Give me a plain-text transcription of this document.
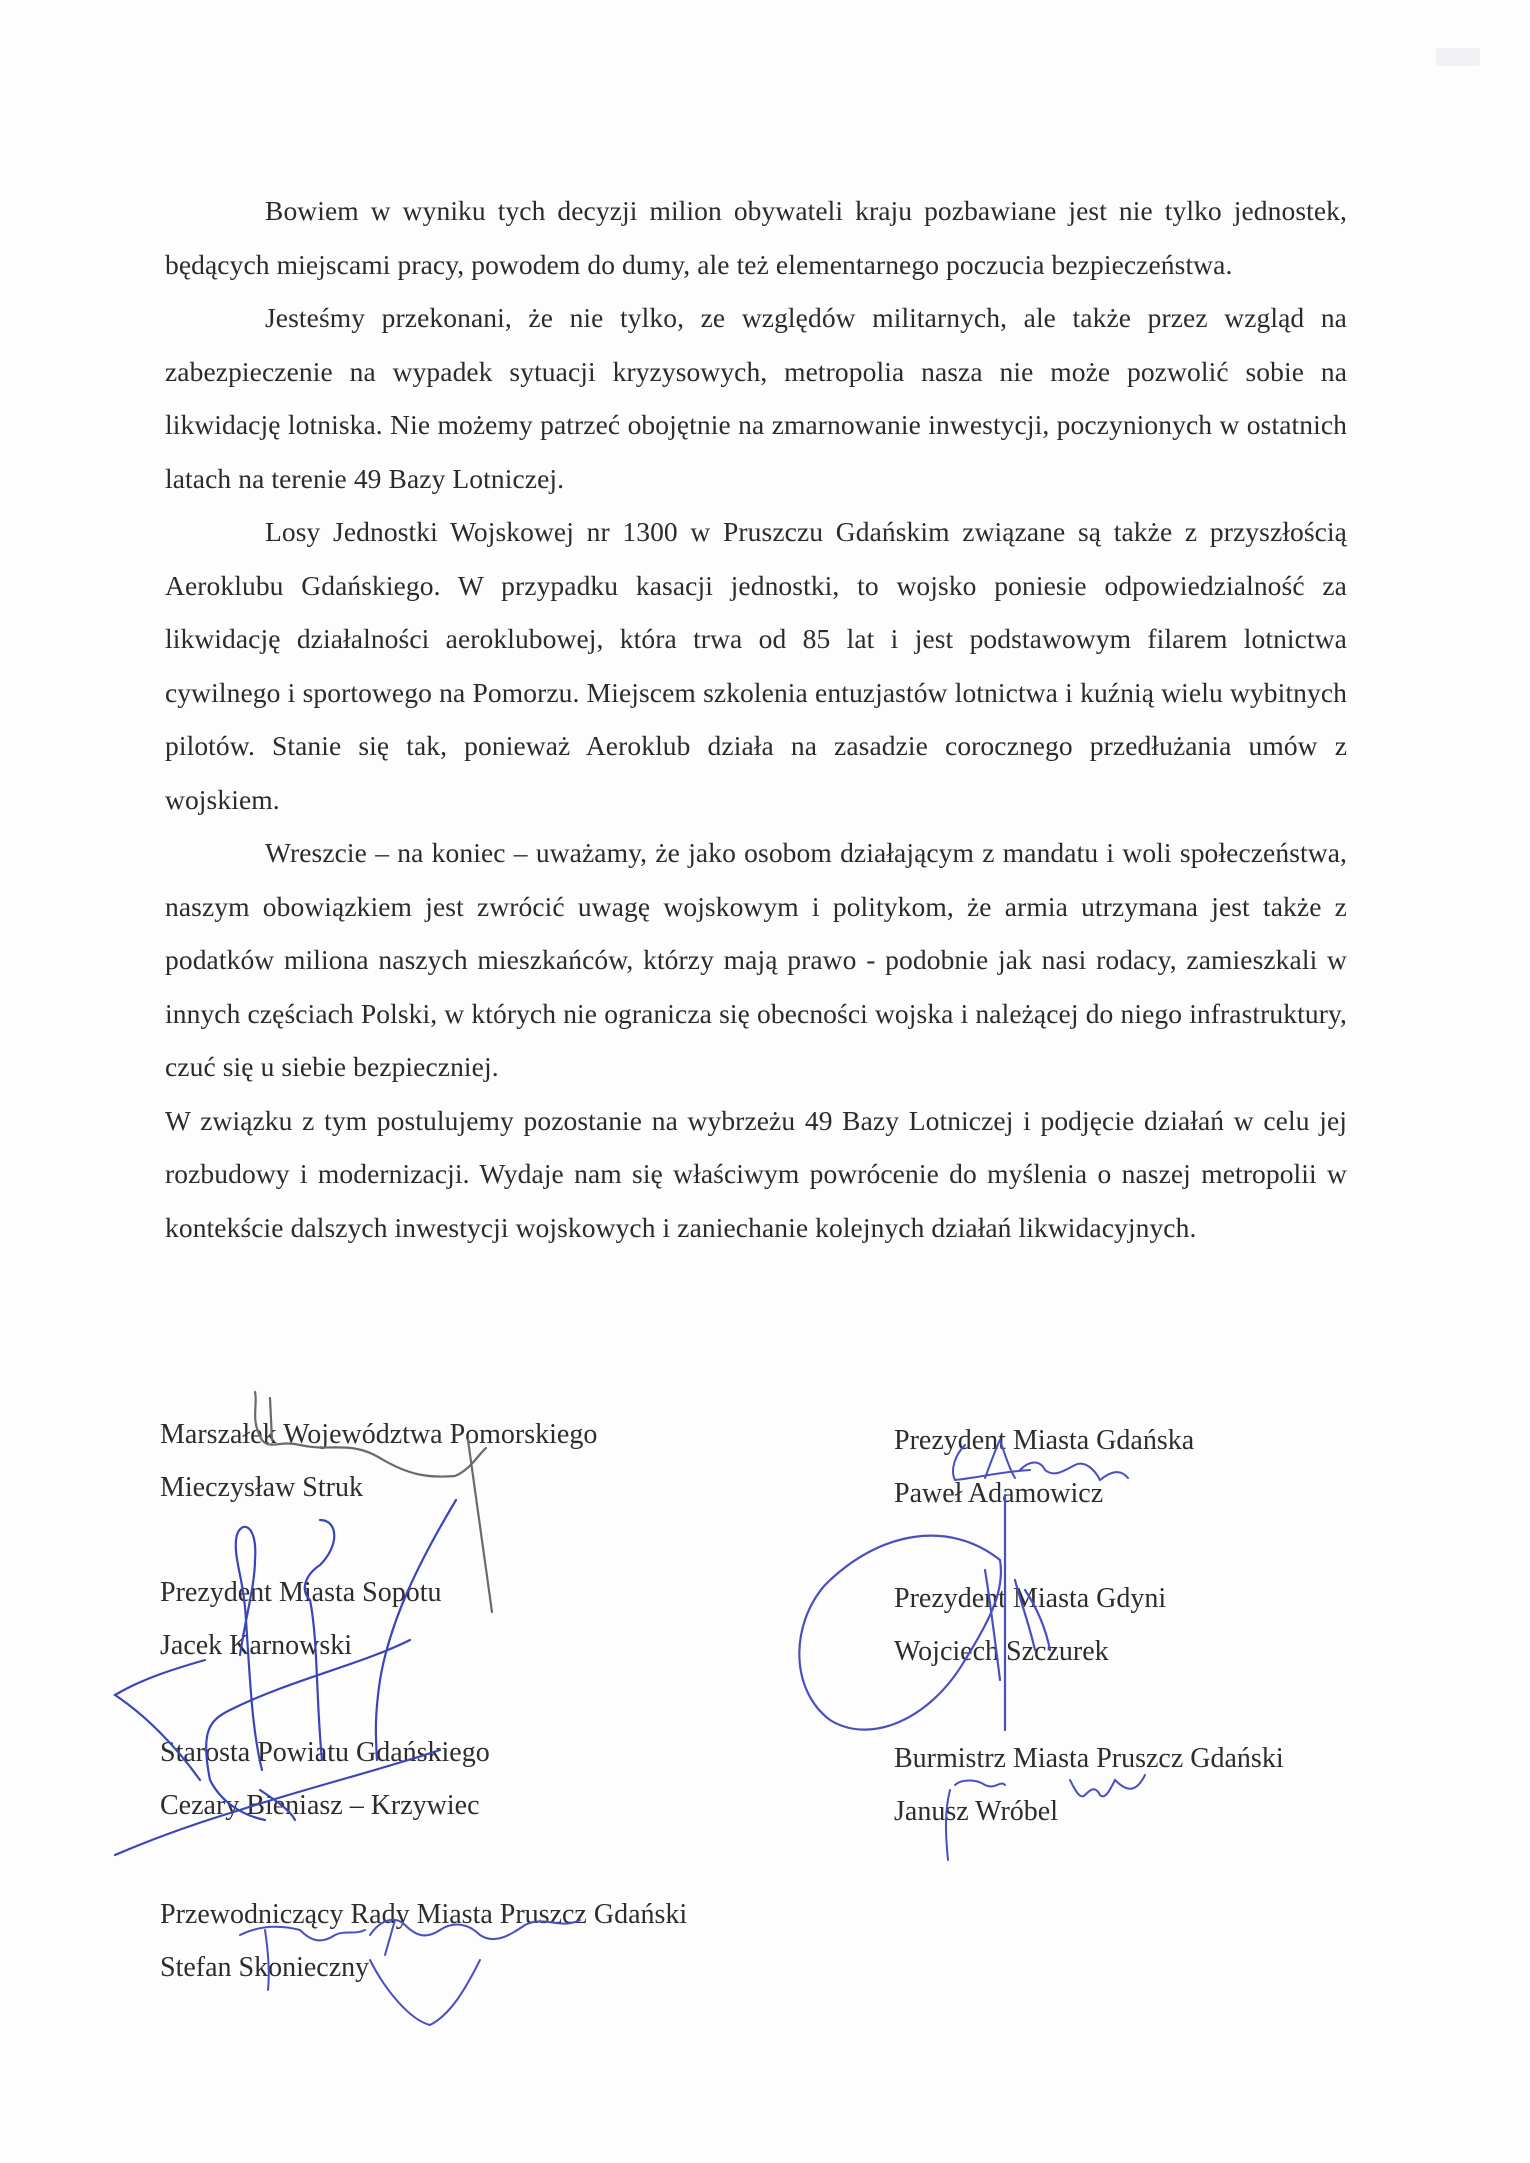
Bowiem w wyniku tych decyzji milion obywateli kraju pozbawiane jest nie tylko jednostek, będących miejscami pracy, powodem do dumy, ale też elementarnego poczucia bezpieczeństwa.

Jesteśmy przekonani, że nie tylko, ze względów militarnych, ale także przez wzgląd na zabezpieczenie na wypadek sytuacji kryzysowych, metropolia nasza nie może pozwolić sobie na likwidację lotniska. Nie możemy patrzeć obojętnie na zmarnowanie inwestycji, poczynionych w ostatnich latach na terenie 49 Bazy Lotniczej.

Losy Jednostki Wojskowej nr 1300 w Pruszczu Gdańskim związane są także z przyszłością Aeroklubu Gdańskiego. W przypadku kasacji jednostki, to wojsko poniesie odpowiedzialność za likwidację działalności aeroklubowej, która trwa od 85 lat i jest podstawowym filarem lotnictwa cywilnego i sportowego na Pomorzu. Miejscem szkolenia entuzjastów lotnictwa i kuźnią wielu wybitnych pilotów. Stanie się tak, ponieważ Aeroklub działa na zasadzie corocznego przedłużania umów z wojskiem.

Wreszcie – na koniec – uważamy, że jako osobom działającym z mandatu i woli społeczeństwa, naszym obowiązkiem jest zwrócić uwagę wojskowym i politykom, że armia utrzymana jest także z podatków miliona naszych mieszkańców, którzy mają prawo - podobnie jak nasi rodacy, zamieszkali w innych częściach Polski, w których nie ogranicza się obecności wojska i należącej do niego infrastruktury, czuć się u siebie bezpieczniej.

W związku z tym postulujemy pozostanie na wybrzeżu 49 Bazy Lotniczej i podjęcie działań w celu jej rozbudowy i modernizacji. Wydaje nam się właściwym powrócenie do myślenia o naszej metropolii w kontekście dalszych inwestycji wojskowych i zaniechanie kolejnych działań likwidacyjnych.

Marszałek Województwa Pomorskiego
Mieczysław Struk
Prezydent Miasta Sopotu
Jacek Karnowski
Starosta Powiatu Gdańskiego
Cezary Bieniasz – Krzywiec
Przewodniczący Rady Miasta Pruszcz Gdański
Stefan Skonieczny
Prezydent Miasta Gdańska
Paweł Adamowicz
Prezydent Miasta Gdyni
Wojciech Szczurek
Burmistrz Miasta Pruszcz Gdański
Janusz Wróbel
